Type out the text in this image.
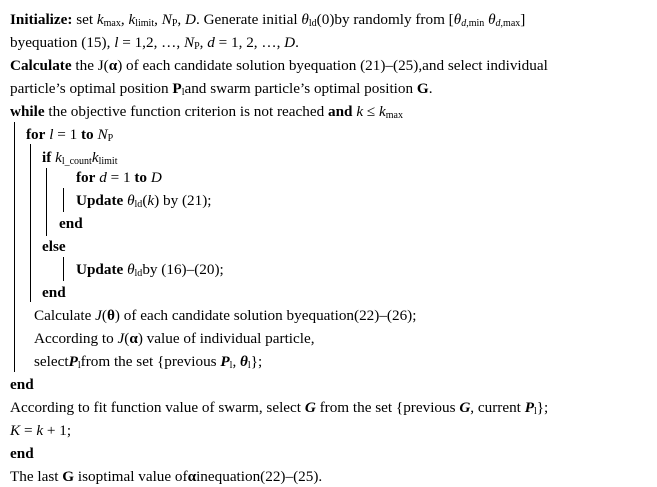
Initialize: set $k_{max}$, $k_{limit}$, $N_P$, D. Generate initial $\theta_{ld}(0)by$ randomly from [$\theta_{d,min}$ $\theta_{d,max}$]
byequation (15), l = 1,2, …, $N_P$, d = 1, 2, …, D.
Calculate the J(α) of each candidate solution byequation (21)–(25),and select individual
particle’s optimal position $P_land$ swarm particle’s optimal position G.
while the objective function criterion is not reached and $k \le k_{max}$
for l = 1 to $N_P$
if $k_{l\_count}k_{limit}$
for d = 1 to D
Update $\theta_{ld}(k)$ by (21);
end
else
Update $\theta_{ld}by$ (16)–(20);
end
Calculate J(θ) of each candidate solution byequation(22)–(26);
According to J(α) value of individual particle,
selectP$_l$from the set {previous $P_l$, $\theta_l$};
end
According to fit function value of swarm, select G from the set {previous G, current $P_l$};
K = k + 1;
end
The last G isoptimal value ofαinequation(22)–(25).
